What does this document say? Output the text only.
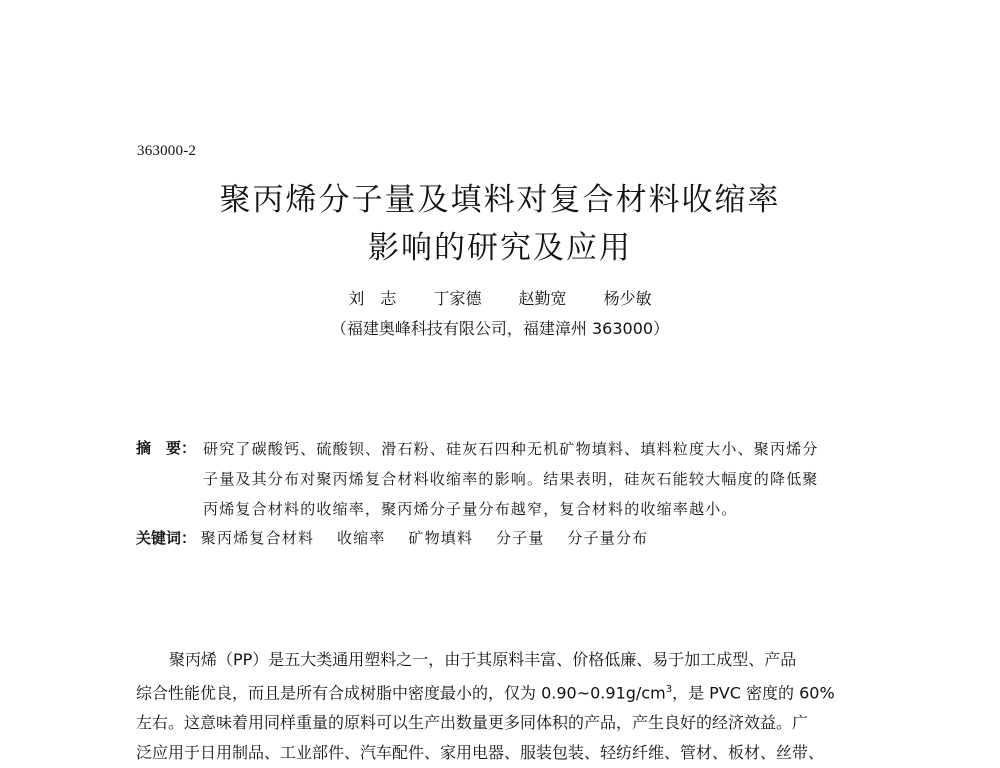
363000-2
聚丙烯分子量及填料对复合材料收缩率
影响的研究及应用
刘　志 丁家德 赵勤宽 杨少敏
（福建奥峰科技有限公司，福建漳州 363000）
摘　要： 研究了碳酸钙、硫酸钡、滑石粉、硅灰石四种无机矿物填料、填料粒度大小、聚丙烯分
子量及其分布对聚丙烯复合材料收缩率的影响。结果表明，硅灰石能较大幅度的降低聚
丙烯复合材料的收缩率，聚丙烯分子量分布越窄，复合材料的收缩率越小。
关键词： 聚丙烯复合材料 收缩率 矿物填料 分子量 分子量分布
聚丙烯（PP）是五大类通用塑料之一，由于其原料丰富、价格低廉、易于加工成型、产品
综合性能优良，而且是所有合成树脂中密度最小的，仅为 $0.90\sim 0.91g/cm^3$，是 PVC 密度的 60%
左右。这意味着用同样重量的原料可以生产出数量更多同体积的产品，产生良好的经济效益。广
泛应用于日用制品、工业部件、汽车配件、家用电器、服装包装、轻纺纤维、管材、板材、丝带、
